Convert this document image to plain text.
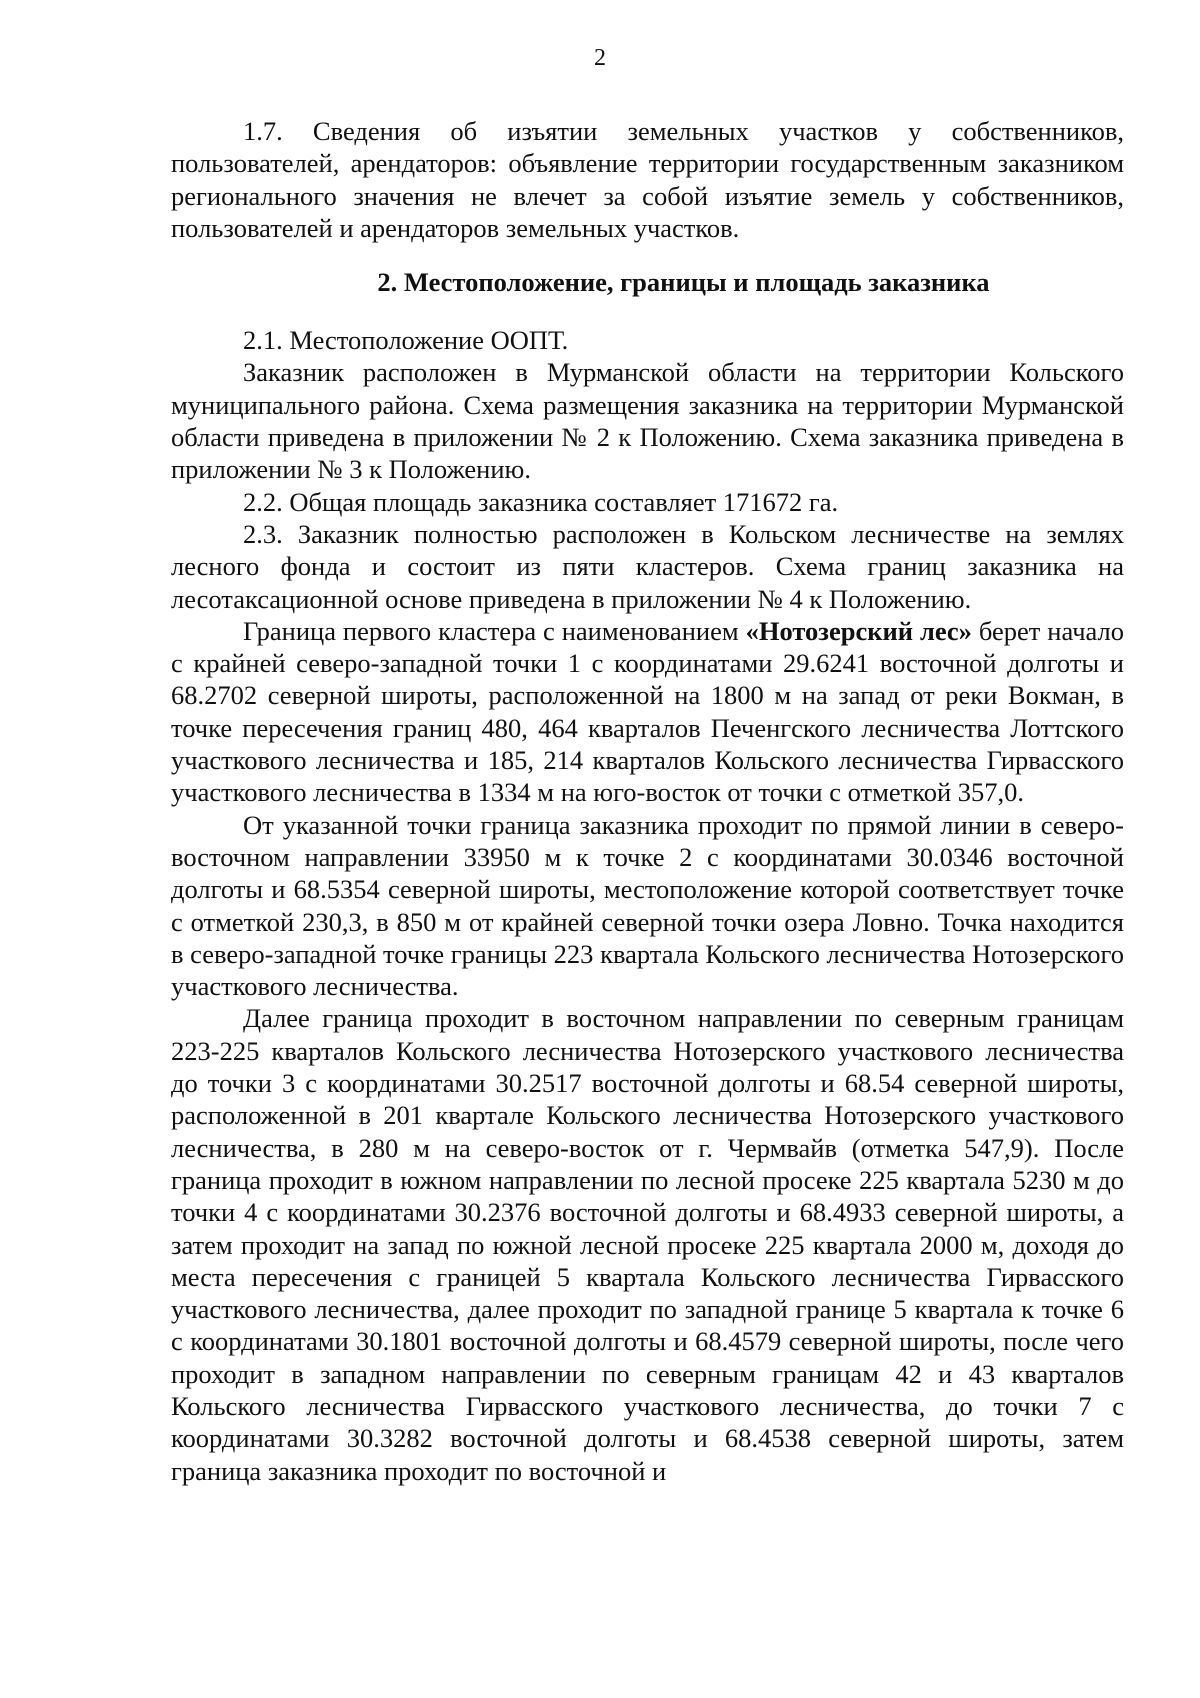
2

1.7. Сведения об изъятии земельных участков у собственников, пользователей, арендаторов: объявление территории государственным заказником регионального значения не влечет за собой изъятие земель у собственников, пользователей и арендаторов земельных участков.

2. Местоположение, границы и площадь заказника

2.1. Местоположение ООПТ.

Заказник расположен в Мурманской области на территории Кольского муниципального района. Схема размещения заказника на территории Мурманской области приведена в приложении № 2 к Положению. Схема заказника приведена в приложении № 3 к Положению.

2.2. Общая площадь заказника составляет 171672 га.

2.3. Заказник полностью расположен в Кольском лесничестве на землях лесного фонда и состоит из пяти кластеров. Схема границ заказника на лесотаксационной основе приведена в приложении № 4 к Положению.

Граница первого кластера с наименованием «Нотозерский лес» берет начало с крайней северо-западной точки 1 с координатами 29.6241 восточной долготы и 68.2702 северной широты, расположенной на 1800 м на запад от реки Вокман, в точке пересечения границ 480, 464 кварталов Печенгского лесничества Лоттского участкового лесничества и 185, 214 кварталов Кольского лесничества Гирвасского участкового лесничества в 1334 м на юго-восток от точки с отметкой 357,0.

От указанной точки граница заказника проходит по прямой линии в северо-восточном направлении 33950 м к точке 2 с координатами 30.0346 восточной долготы и 68.5354 северной широты, местоположение которой соответствует точке с отметкой 230,3, в 850 м от крайней северной точки озера Ловно. Точка находится в северо-западной точке границы 223 квартала Кольского лесничества Нотозерского участкового лесничества.

Далее граница проходит в восточном направлении по северным границам 223-225 кварталов Кольского лесничества Нотозерского участкового лесничества до точки 3 с координатами 30.2517 восточной долготы и 68.54 северной широты, расположенной в 201 квартале Кольского лесничества Нотозерского участкового лесничества, в 280 м на северо-восток от г. Чермвайв (отметка 547,9). После граница проходит в южном направлении по лесной просеке 225 квартала 5230 м до точки 4 с координатами 30.2376 восточной долготы и 68.4933 северной широты, а затем проходит на запад по южной лесной просеке 225 квартала 2000 м, доходя до места пересечения с границей 5 квартала Кольского лесничества Гирвасского участкового лесничества, далее проходит по западной границе 5 квартала к точке 6 с координатами 30.1801 восточной долготы и 68.4579 северной широты, после чего проходит в западном направлении по северным границам 42 и 43 кварталов Кольского лесничества Гирвасского участкового лесничества, до точки 7 с координатами 30.3282 восточной долготы и 68.4538 северной широты, затем граница заказника проходит по восточной и
